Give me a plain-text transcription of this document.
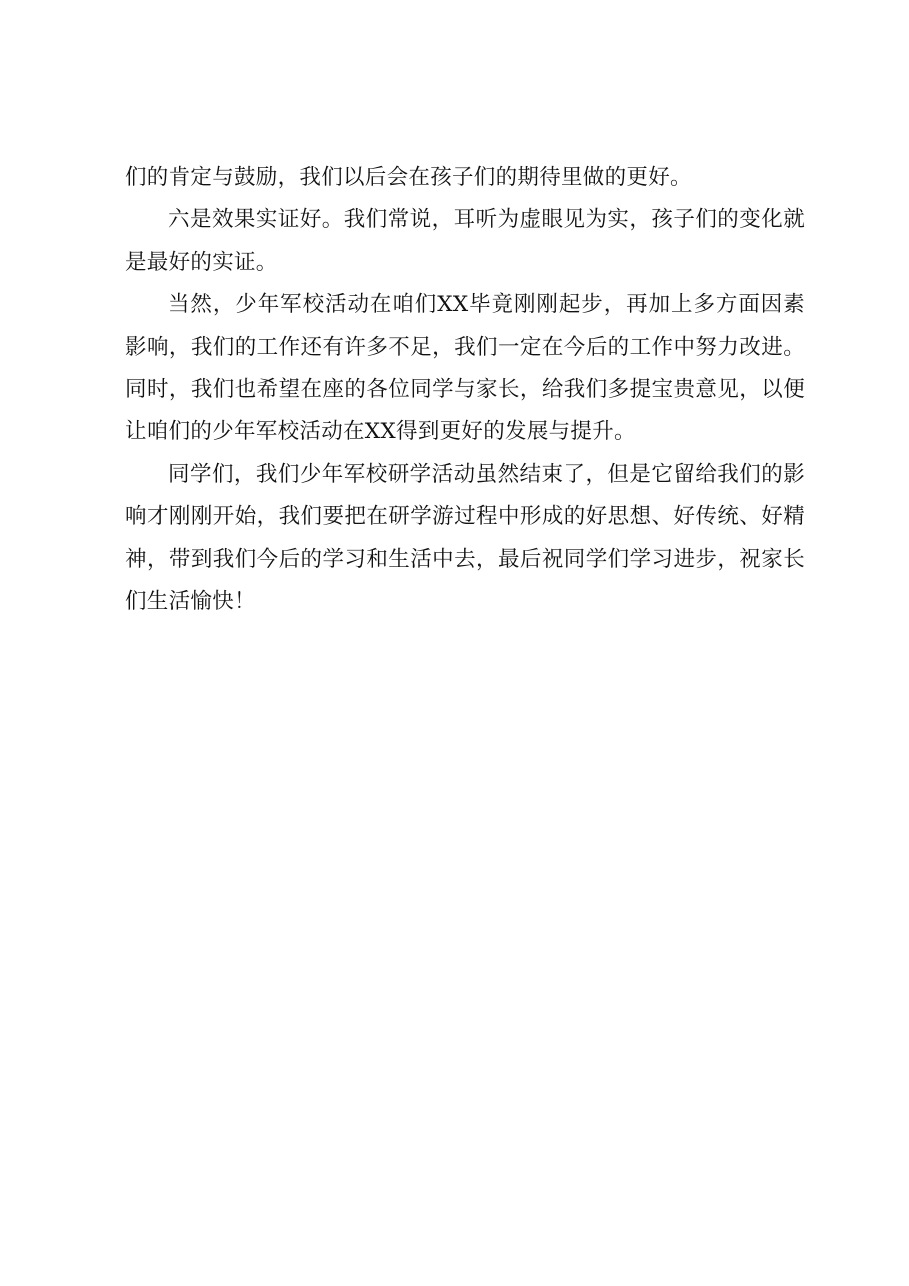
们的肯定与鼓励，我们以后会在孩子们的期待里做的更好。

六是效果实证好。我们常说，耳听为虚眼见为实，孩子们的变化就是最好的实证。

当然，少年军校活动在咱们XX毕竟刚刚起步，再加上多方面因素影响，我们的工作还有许多不足，我们一定在今后的工作中努力改进。同时，我们也希望在座的各位同学与家长，给我们多提宝贵意见，以便让咱们的少年军校活动在XX得到更好的发展与提升。

同学们，我们少年军校研学活动虽然结束了，但是它留给我们的影响才刚刚开始，我们要把在研学游过程中形成的好思想、好传统、好精神，带到我们今后的学习和生活中去，最后祝同学们学习进步，祝家长们生活愉快！
